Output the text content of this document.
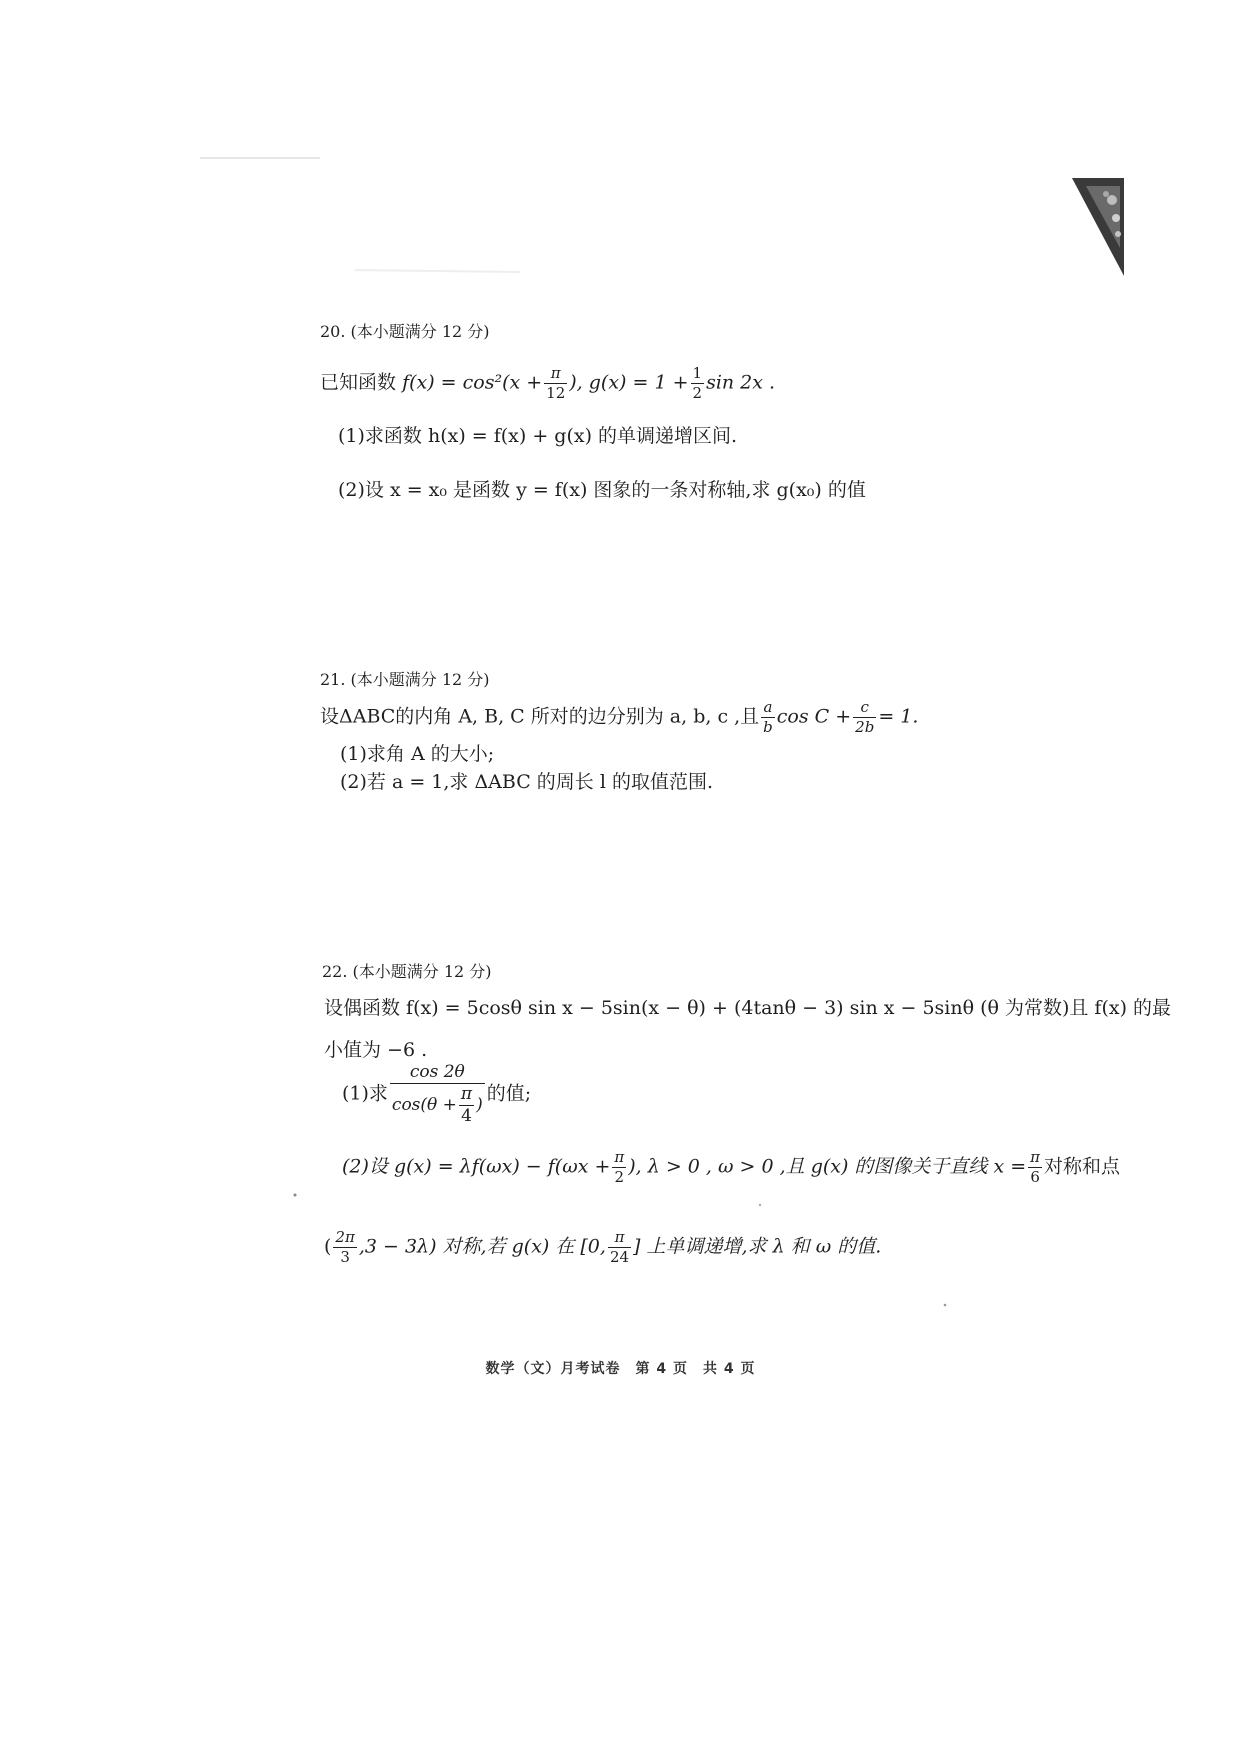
20. (本小题满分 12 分)
已知函数 $f(x) = \cos^2(x + \frac{\pi}{12}$ ), $g(x) = 1 + \frac{1}{2}$ sin 2x .
(1)求函数 h(x) = f(x) + g(x) 的单调递增区间.
(2)设 x = x₀ 是函数 y = f(x) 图象的一条对称轴,求 g(x₀) 的值
21. (本小题满分 12 分)
设ΔABC的内角 A, B, C 所对的边分别为 a, b, c ,且 $\frac{a}{b}$ $\cos C + \frac{c}{2b} = 1$.
(1)求角 A 的大小;
(2)若 a = 1,求 ΔABC 的周长 l 的取值范围.
22. (本小题满分 12 分)
设偶函数 f(x) = 5cosθ sin x − 5sin(x − θ) + (4tanθ − 3) sin x − 5sinθ (θ 为常数)且 f(x) 的最
小值为 −6 .
(1)求 $\frac{\cos 2\theta}{\cos(\theta + \frac{\pi}{4} )}$ 的值;
(2)设 $g(x) = \lambda f(\omega x) - f(\omega x + \frac{\pi}{2}$ ), λ > 0 , ω > 0 ,且 g(x) 的图像关于直线 $x = \frac{\pi}{6}$ 对称和点
( $\frac{2\pi}{3} ,3 - 3\lambda$) 对称,若 g(x) 在 [0, $\frac{\pi}{24}$ ] 上单调递增,求 λ 和 ω 的值.
数学（文）月考试卷　第 4 页　共 4 页
